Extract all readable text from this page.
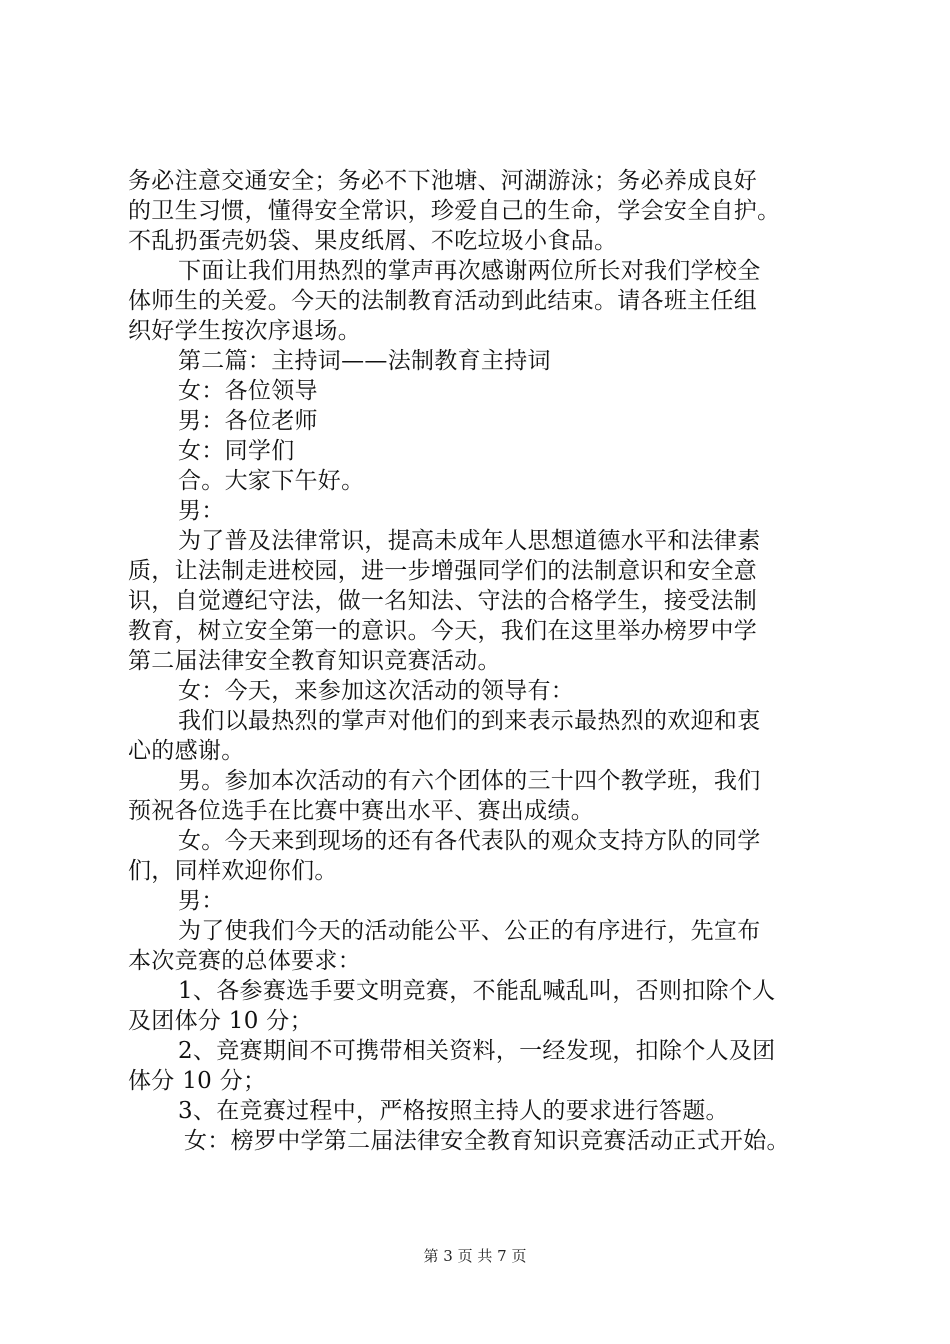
务必注意交通安全；务必不下池塘、河湖游泳；务必养成良好
的卫生习惯，懂得安全常识，珍爱自己的生命，学会安全自护。
不乱扔蛋壳奶袋、果皮纸屑、不吃垃圾小食品。
下面让我们用热烈的掌声再次感谢两位所长对我们学校全
体师生的关爱。今天的法制教育活动到此结束。请各班主任组
织好学生按次序退场。
第二篇：主持词——法制教育主持词
女：各位领导
男：各位老师
女：同学们
合。大家下午好。
男：
为了普及法律常识，提高未成年人思想道德水平和法律素
质，让法制走进校园，进一步增强同学们的法制意识和安全意
识，自觉遵纪守法，做一名知法、守法的合格学生，接受法制
教育，树立安全第一的意识。今天，我们在这里举办榜罗中学
第二届法律安全教育知识竞赛活动。
女：今天，来参加这次活动的领导有：
我们以最热烈的掌声对他们的到来表示最热烈的欢迎和衷
心的感谢。
男。参加本次活动的有六个团体的三十四个教学班，我们
预祝各位选手在比赛中赛出水平、赛出成绩。
女。今天来到现场的还有各代表队的观众支持方队的同学
们，同样欢迎你们。
男：
为了使我们今天的活动能公平、公正的有序进行，先宣布
本次竞赛的总体要求：
1、各参赛选手要文明竞赛，不能乱喊乱叫，否则扣除个人
及团体分 10 分；
2、竞赛期间不可携带相关资料，一经发现，扣除个人及团
体分 10 分；
3、在竞赛过程中，严格按照主持人的要求进行答题。
女：榜罗中学第二届法律安全教育知识竞赛活动正式开始。
第 3 页 共 7 页
